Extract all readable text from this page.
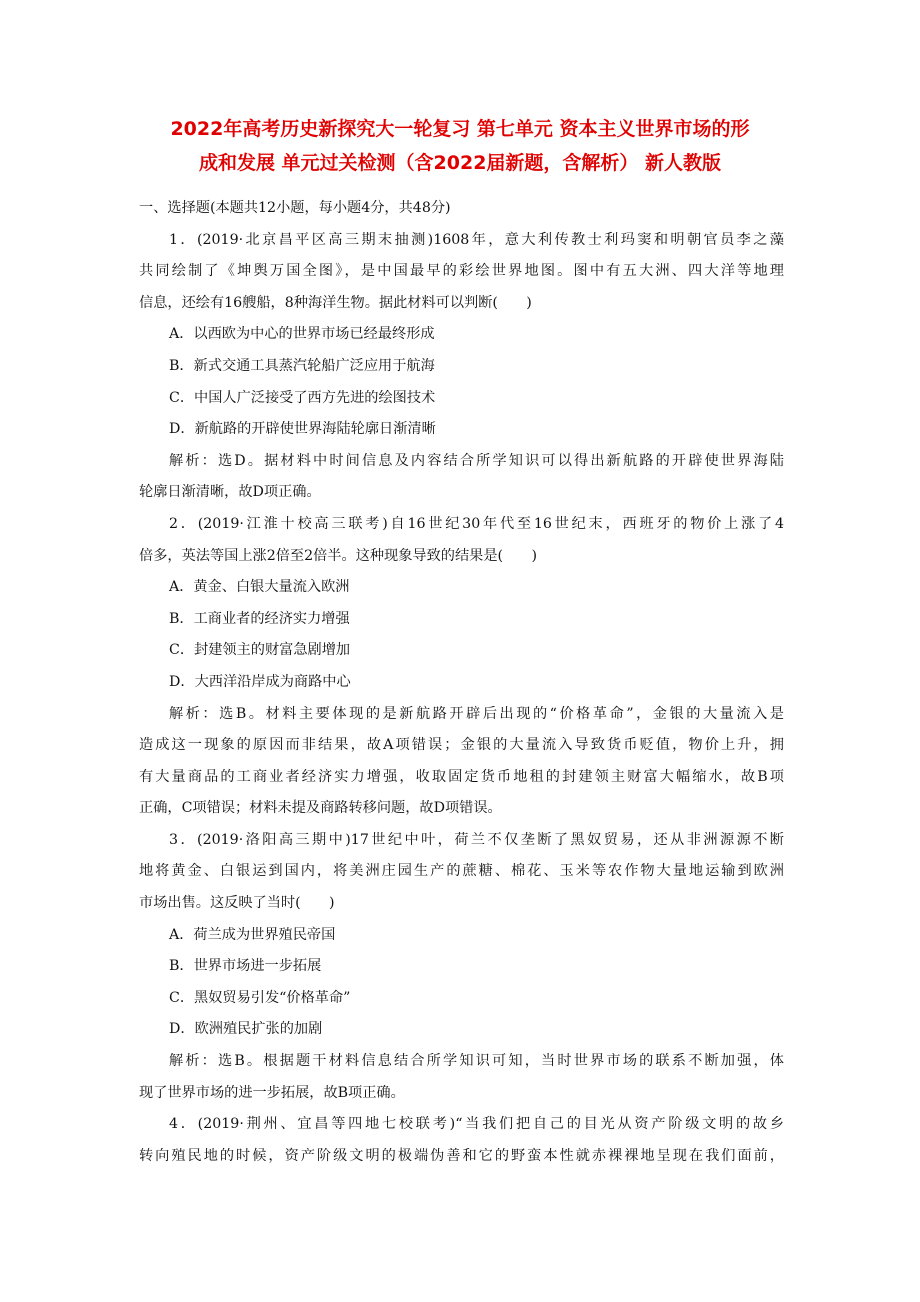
2022年高考历史新探究大一轮复习 第七单元 资本主义世界市场的形
成和发展 单元过关检测（含2022届新题，含解析） 新人教版
一、选择题(本题共12小题，每小题4分，共48分)
1．(2019·北京昌平区高三期末抽测)1608年，意大利传教士利玛窦和明朝官员李之藻
共同绘制了《坤舆万国全图》，是中国最早的彩绘世界地图。图中有五大洲、四大洋等地理
信息，还绘有16艘船，8种海洋生物。据此材料可以判断(　　)
A．以西欧为中心的世界市场已经最终形成
B．新式交通工具蒸汽轮船广泛应用于航海
C．中国人广泛接受了西方先进的绘图技术
D．新航路的开辟使世界海陆轮廓日渐清晰
解析：选D。据材料中时间信息及内容结合所学知识可以得出新航路的开辟使世界海陆
轮廓日渐清晰，故D项正确。
2．(2019·江淮十校高三联考)自16世纪30年代至16世纪末，西班牙的物价上涨了4
倍多，英法等国上涨2倍至2倍半。这种现象导致的结果是(　　)
A．黄金、白银大量流入欧洲
B．工商业者的经济实力增强
C．封建领主的财富急剧增加
D．大西洋沿岸成为商路中心
解析：选B。材料主要体现的是新航路开辟后出现的“价格革命”，金银的大量流入是
造成这一现象的原因而非结果，故A项错误；金银的大量流入导致货币贬值，物价上升，拥
有大量商品的工商业者经济实力增强，收取固定货币地租的封建领主财富大幅缩水，故B项
正确，C项错误；材料未提及商路转移问题，故D项错误。
3．(2019·洛阳高三期中)17世纪中叶，荷兰不仅垄断了黑奴贸易，还从非洲源源不断
地将黄金、白银运到国内，将美洲庄园生产的蔗糖、棉花、玉米等农作物大量地运输到欧洲
市场出售。这反映了当时(　　)
A．荷兰成为世界殖民帝国
B．世界市场进一步拓展
C．黑奴贸易引发“价格革命”
D．欧洲殖民扩张的加剧
解析：选B。根据题干材料信息结合所学知识可知，当时世界市场的联系不断加强，体
现了世界市场的进一步拓展，故B项正确。
4．(2019·荆州、宜昌等四地七校联考)“当我们把自己的目光从资产阶级文明的故乡
转向殖民地的时候，资产阶级文明的极端伪善和它的野蛮本性就赤裸裸地呈现在我们面前，
